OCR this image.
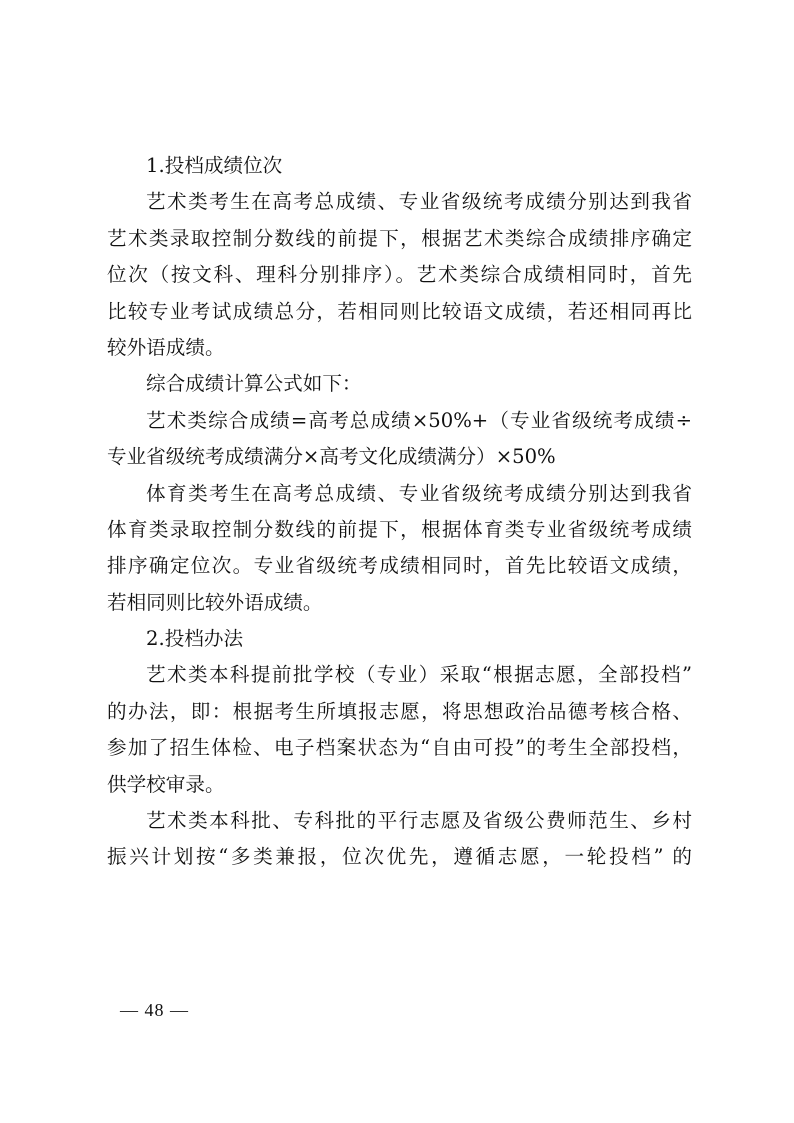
1.投档成绩位次
艺术类考生在高考总成绩、专业省级统考成绩分别达到我省
艺术类录取控制分数线的前提下，根据艺术类综合成绩排序确定
位次（按文科、理科分别排序）。艺术类综合成绩相同时，首先
比较专业考试成绩总分，若相同则比较语文成绩，若还相同再比
较外语成绩。
综合成绩计算公式如下：
艺术类综合成绩=高考总成绩×50%+（专业省级统考成绩÷
专业省级统考成绩满分×高考文化成绩满分）×50%
体育类考生在高考总成绩、专业省级统考成绩分别达到我省
体育类录取控制分数线的前提下，根据体育类专业省级统考成绩
排序确定位次。专业省级统考成绩相同时，首先比较语文成绩，
若相同则比较外语成绩。
2.投档办法
艺术类本科提前批学校（专业）采取“根据志愿，全部投档”
的办法，即：根据考生所填报志愿，将思想政治品德考核合格、
参加了招生体检、电子档案状态为“自由可投”的考生全部投档，
供学校审录。
艺术类本科批、专科批的平行志愿及省级公费师范生、乡村
振兴计划按“多类兼报，位次优先，遵循志愿，一轮投档” 的
— 48 —
